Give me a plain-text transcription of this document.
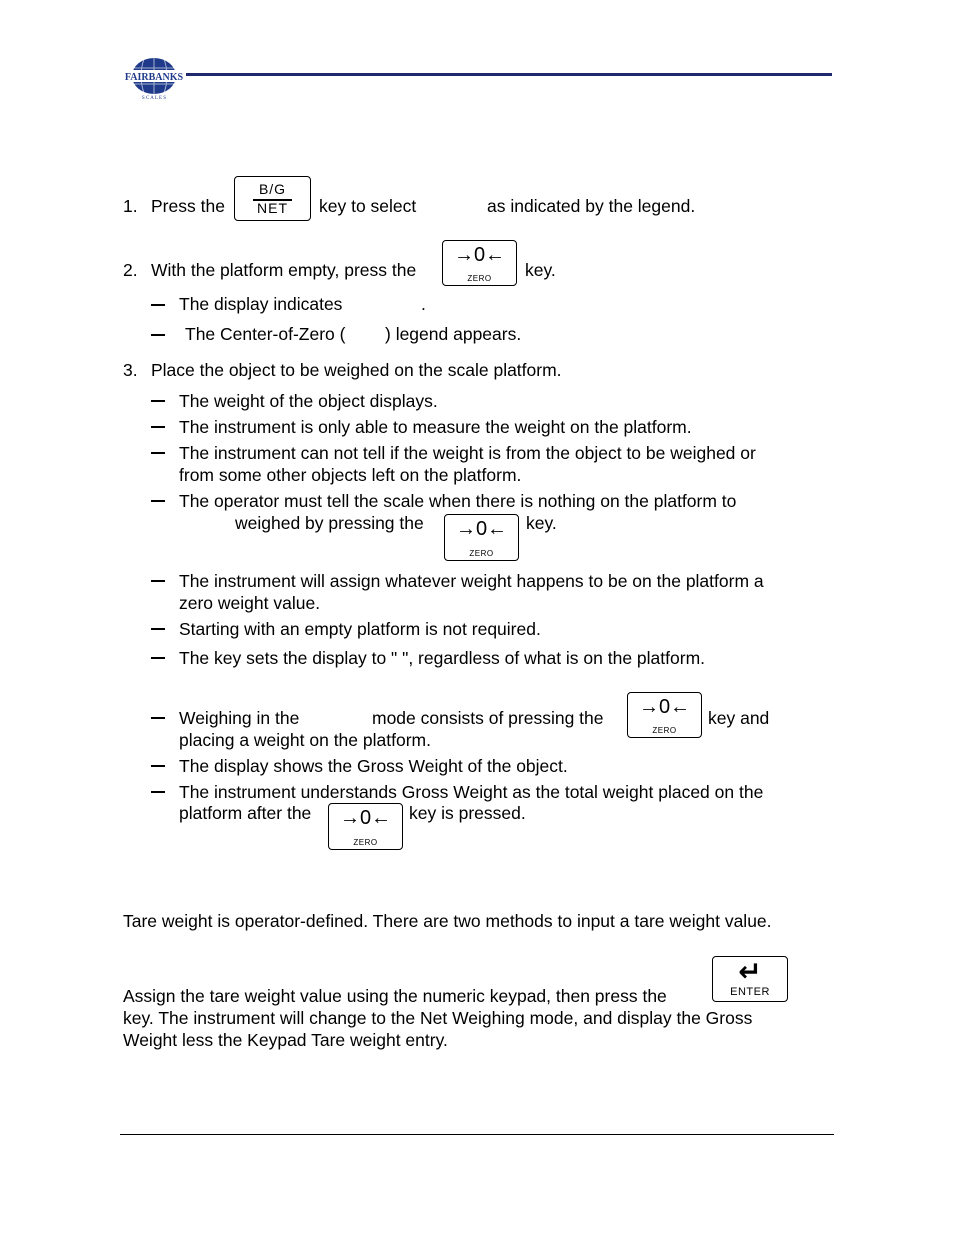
FAIRBANKS
S C A L E S
1. Press the
B/G
NET	key to select	as indicated by the legend.
2. With the platform empty, press the
→0←
ZERO	key.
The display indicates	.
The Center-of-Zero ( ) legend appears.
3. Place the object to be weighed on the scale platform.
The weight of the object displays.
The instrument is only able to measure the weight on the platform.
The instrument can not tell if the weight is from the object to be weighed or
from some other objects left on the platform.
The operator must tell the scale when there is nothing on the platform to
weighed by pressing the	→0←
ZERO
key.
The instrument will assign whatever weight happens to be on the platform a
zero weight value.
Starting with an empty platform is not required.
The key sets the display to " ", regardless of what is on the platform.
Weighing in the	mode consists of pressing the	→0←
ZERO
key and
placing a weight on the platform.
The display shows the Gross Weight of the object.
The instrument understands Gross Weight as the total weight placed on the
platform after the	→0←
ZERO
key is pressed.
Tare weight is operator-defined. There are two methods to input a tare weight value.
Assign the tare weight value using the numeric keypad, then press the
↵
ENTER
key. The instrument will change to the Net Weighing mode, and display the Gross
Weight less the Keypad Tare weight entry.
